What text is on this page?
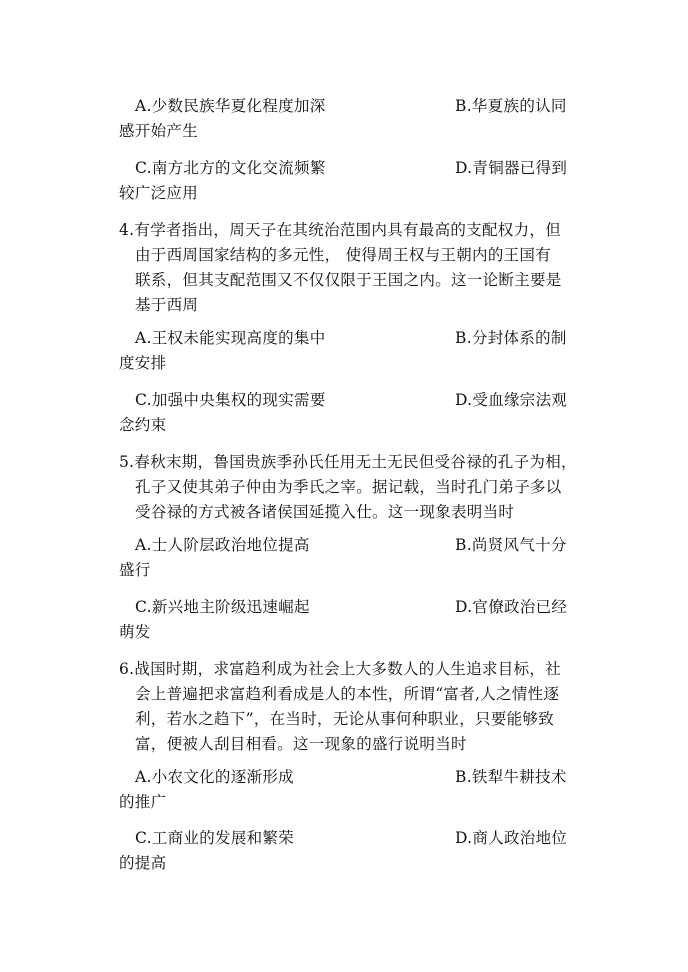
A.少数民族华夏化程度加深	B.华夏族的认同
感开始产生
C.南方北方的文化交流频繁	D.青铜器已得到
较广泛应用
4.有学者指出，周天子在其统治范围内具有最高的支配权力，但
由于西周国家结构的多元性， 使得周王权与王朝内的王国有
联系，但其支配范围又不仅仅限于王国之内。这一论断主要是
基于西周
A.王权未能实现高度的集中	B.分封体系的制
度安排
C.加强中央集权的现实需要	D.受血缘宗法观
念约束
5.春秋末期，鲁国贵族季孙氏任用无土无民但受谷禄的孔子为相，
孔子又使其弟子仲由为季氏之宰。据记载，当时孔门弟子多以
受谷禄的方式被各诸侯国延揽入仕。这一现象表明当时
A.士人阶层政治地位提高	B.尚贤风气十分
盛行
C.新兴地主阶级迅速崛起	D.官僚政治已经
萌发
6.战国时期，求富趋利成为社会上大多数人的人生追求目标，社
会上普遍把求富趋利看成是人的本性，所谓“富者,人之情性逐
利，若水之趋下”，在当时，无论从事何种职业，只要能够致
富，便被人刮目相看。这一现象的盛行说明当时
A.小农文化的逐渐形成	B.铁犁牛耕技术
的推广
C.工商业的发展和繁荣	D.商人政治地位
的提高
